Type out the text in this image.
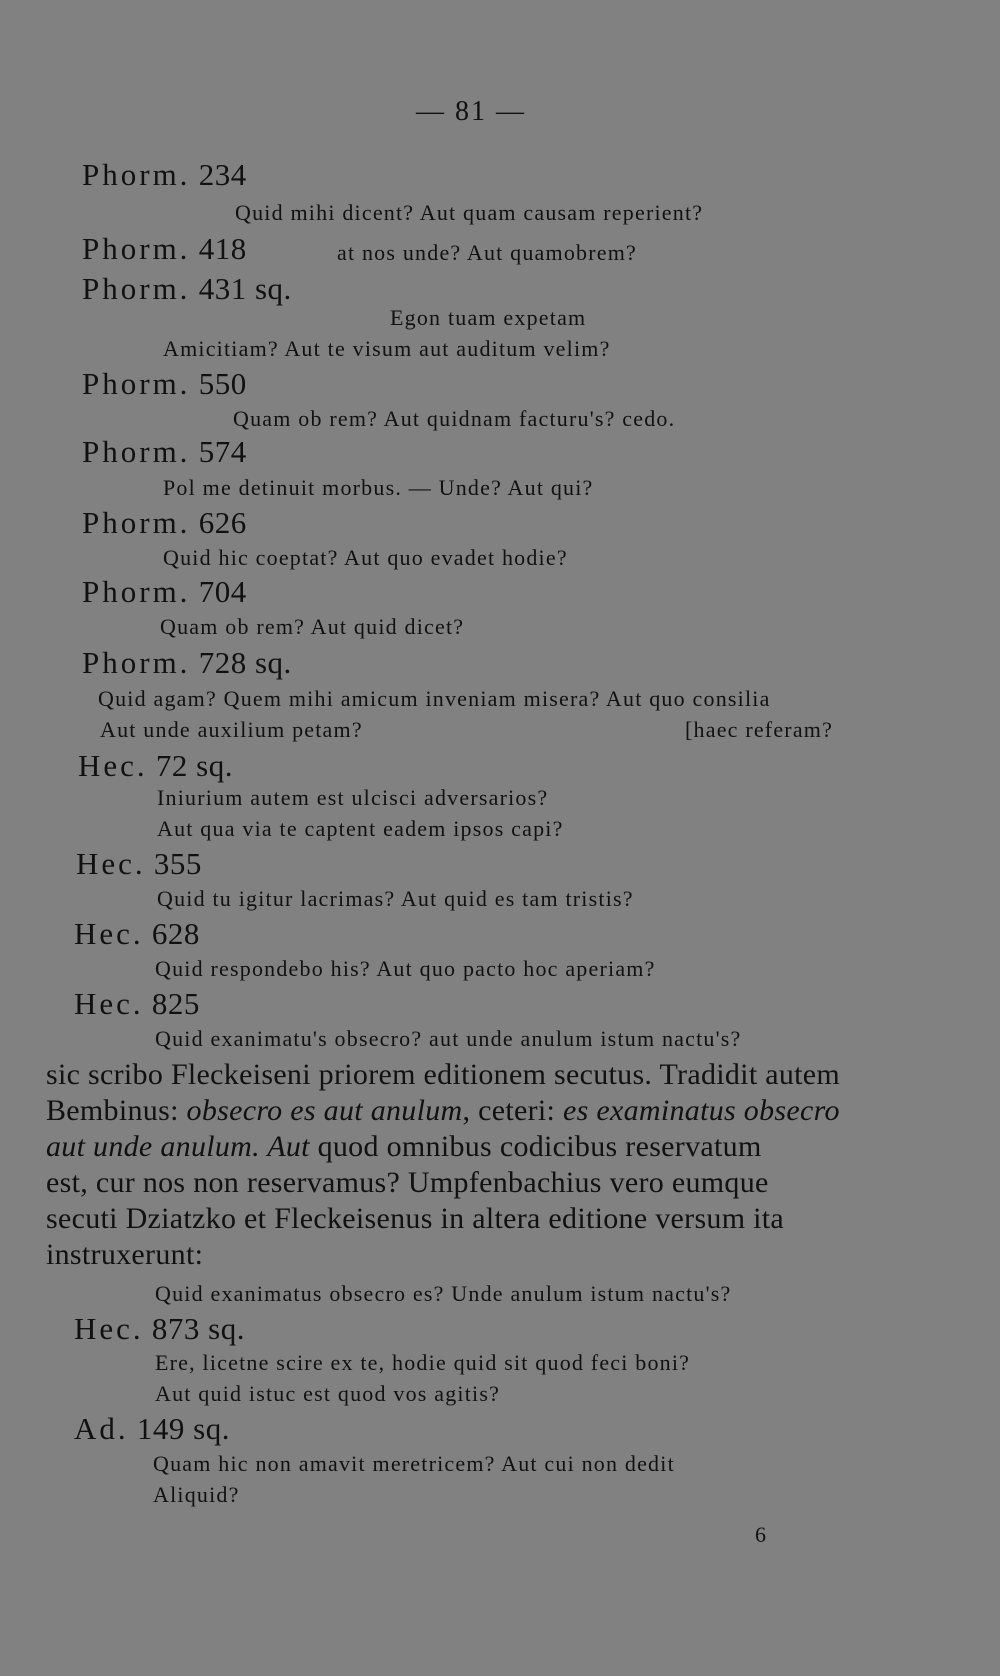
— 81 —
Phorm. 234
Quid mihi dicent? Aut quam causam reperient?
Phorm. 418	at nos unde? Aut quamobrem?
Phorm. 431 sq.
Egon tuam expetam
Amicitiam? Aut te visum aut auditum velim?
Phorm. 550
Quam ob rem? Aut quidnam facturu's? cedo.
Phorm. 574
Pol me detinuit morbus. — Unde? Aut qui?
Phorm. 626
Quid hic coeptat? Aut quo evadet hodie?
Phorm. 704
Quam ob rem? Aut quid dicet?
Phorm. 728 sq.
Quid agam? Quem mihi amicum inveniam misera? Aut quo consilia
Aut unde auxilium petam?	[haec referam?
Hec. 72 sq.
Iniurium autem est ulcisci adversarios?
Aut qua via te captent eadem ipsos capi?
Hec. 355
Quid tu igitur lacrimas? Aut quid es tam tristis?
Hec. 628
Quid respondebo his? Aut quo pacto hoc aperiam?
Hec. 825
Quid exanimatu's obsecro? aut unde anulum istum nactu's?
sic scribo Fleckeiseni priorem editionem secutus. Tradidit autem
Bembinus: obsecro es aut anulum, ceteri: es examinatus obsecro
aut unde anulum. Aut quod omnibus codicibus reservatum
est, cur nos non reservamus? Umpfenbachius vero eumque
secuti Dziatzko et Fleckeisenus in altera editione versum ita
instruxerunt:
Quid exanimatus obsecro es? Unde anulum istum nactu's?
Hec. 873 sq.
Ere, licetne scire ex te, hodie quid sit quod feci boni?
Aut quid istuc est quod vos agitis?
Ad. 149 sq.
Quam hic non amavit meretricem? Aut cui non dedit
Aliquid?
6
